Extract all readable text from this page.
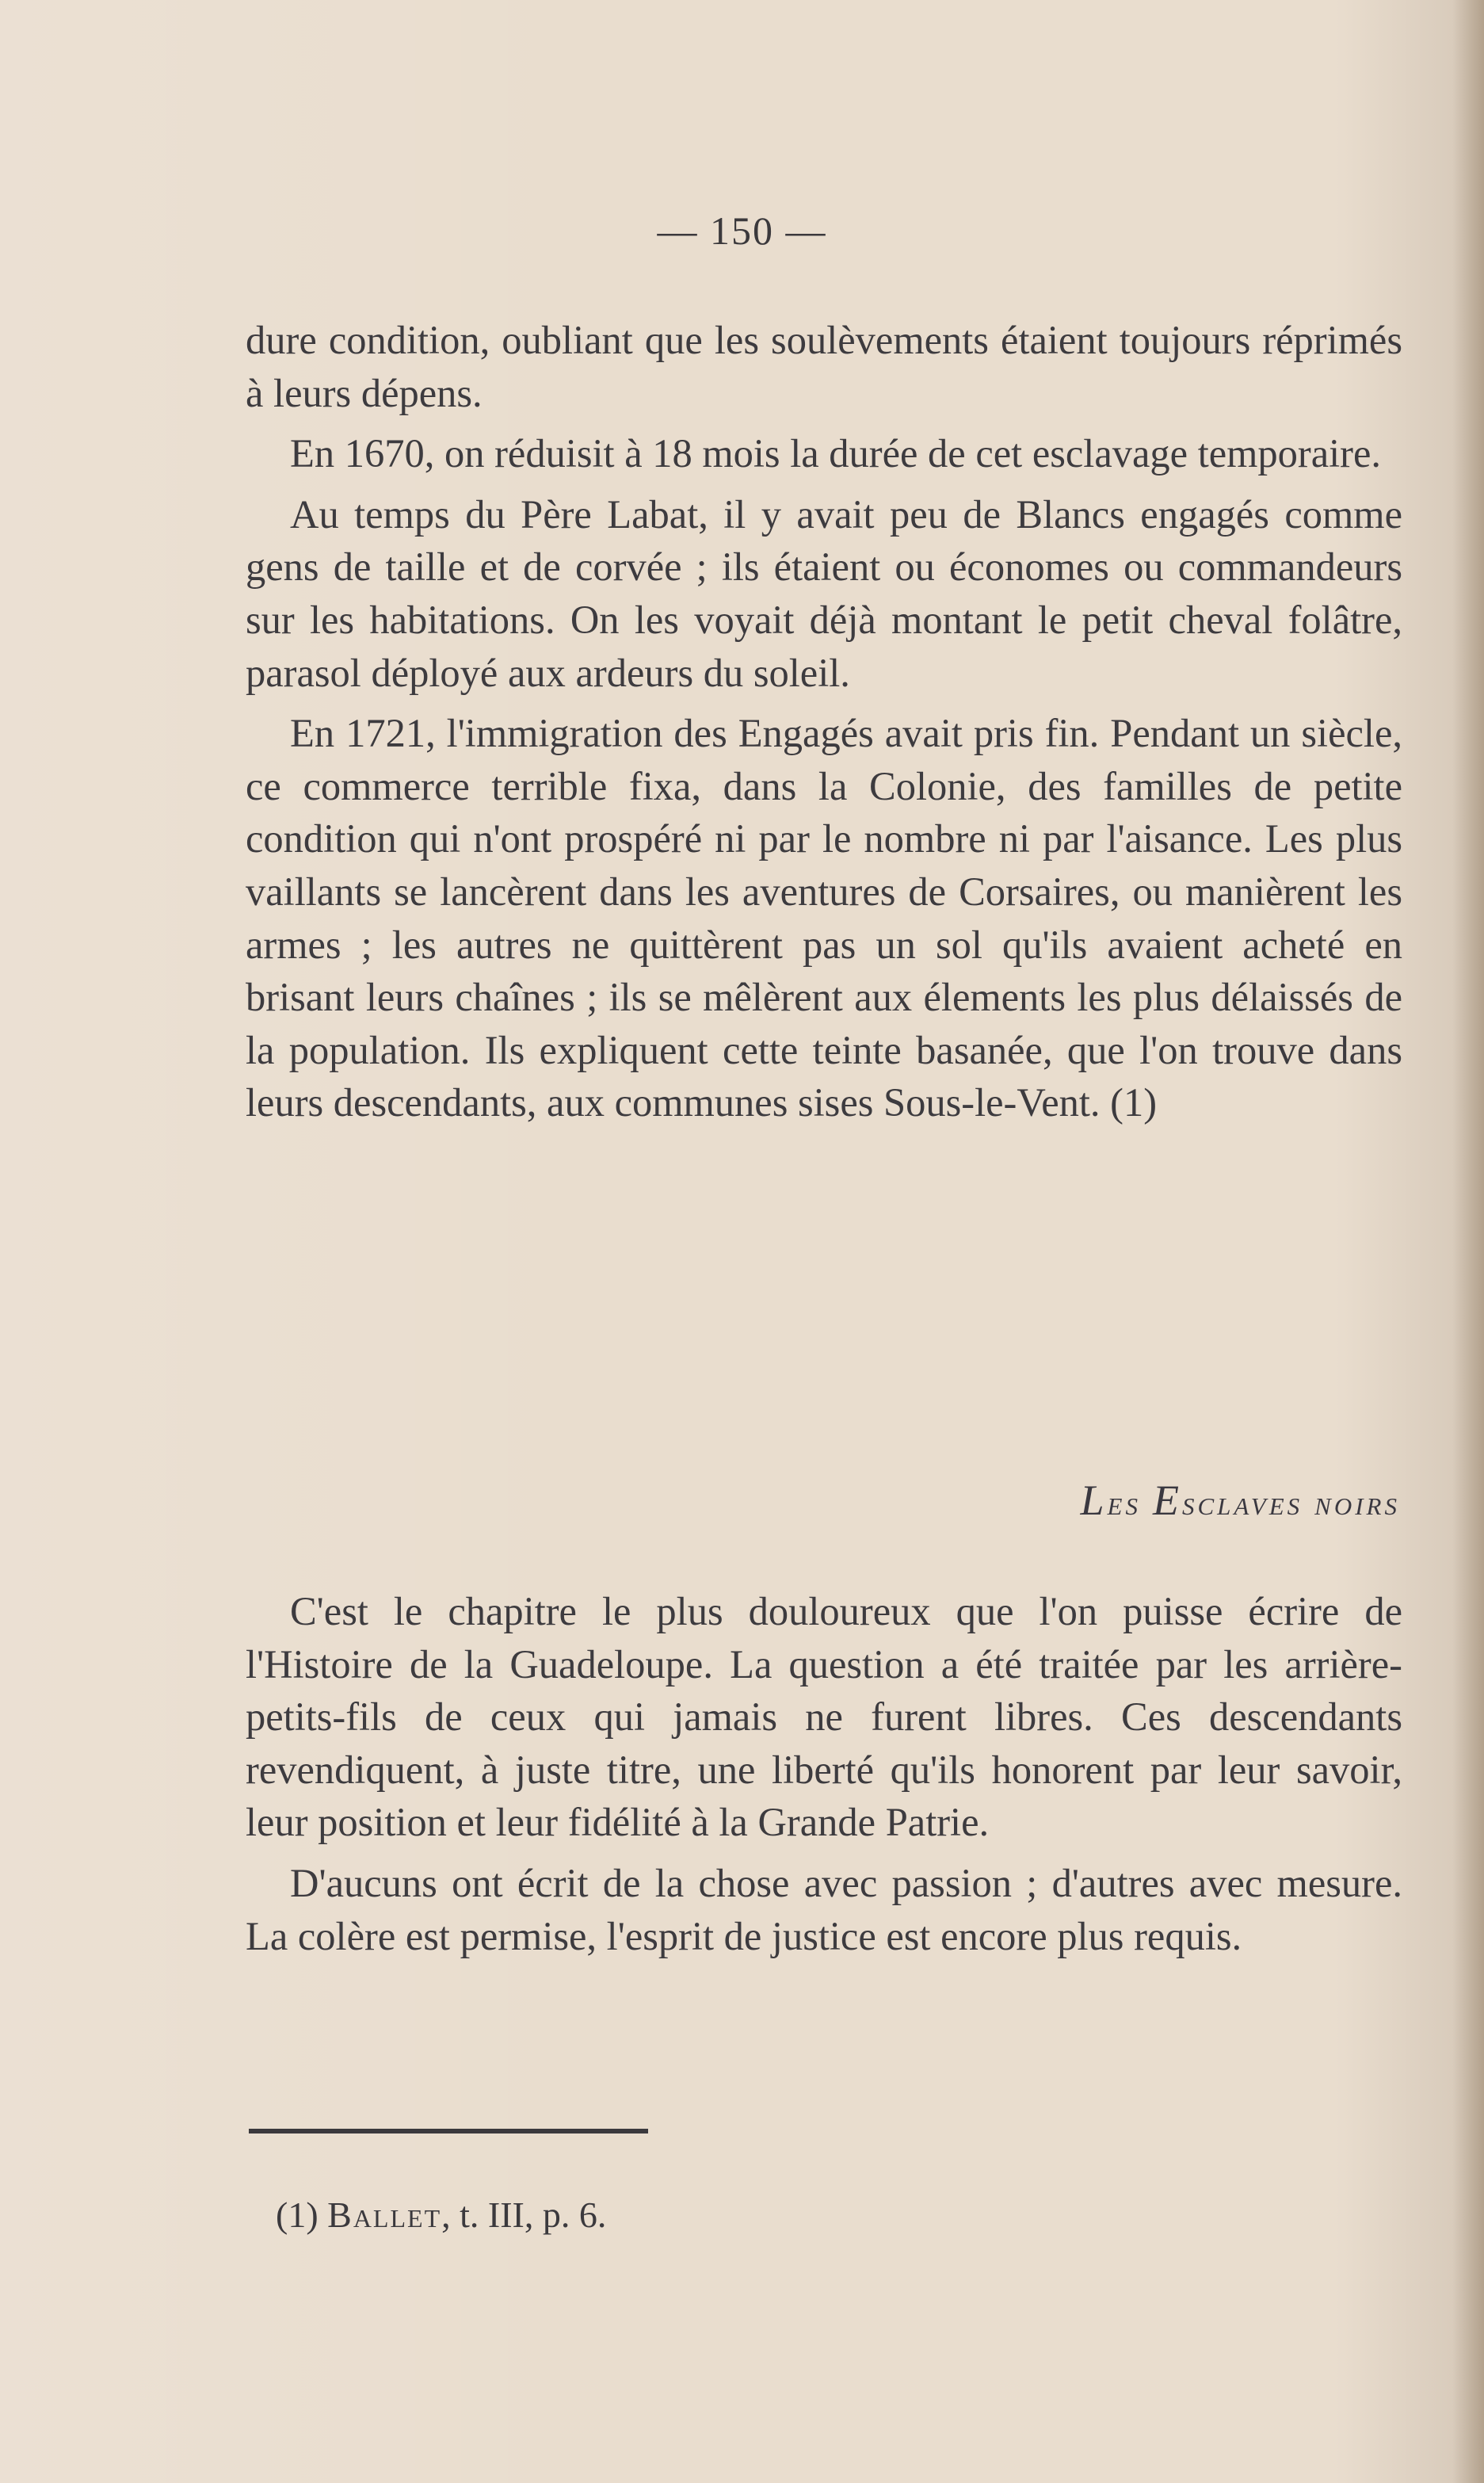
— 150 —

dure condition, oubliant que les soulèvements étaient toujours réprimés à leurs dépens.

En 1670, on réduisit à 18 mois la durée de cet esclavage temporaire.

Au temps du Père Labat, il y avait peu de Blancs engagés comme gens de taille et de corvée ; ils étaient ou économes ou commandeurs sur les habitations. On les voyait déjà montant le petit cheval folâtre, parasol déployé aux ardeurs du soleil.

En 1721, l'immigration des Engagés avait pris fin. Pendant un siècle, ce commerce terrible fixa, dans la Colonie, des familles de petite condition qui n'ont prospéré ni par le nombre ni par l'aisance. Les plus vaillants se lancèrent dans les aventures de Corsaires, ou manièrent les armes ; les autres ne quittèrent pas un sol qu'ils avaient acheté en brisant leurs chaînes ; ils se mêlèrent aux élements les plus délaissés de la population. Ils expliquent cette teinte basanée, que l'on trouve dans leurs descendants, aux communes sises Sous-le-Vent. (1)

Les Esclaves noirs

C'est le chapitre le plus douloureux que l'on puisse écrire de l'Histoire de la Guadeloupe. La question a été traitée par les arrière-petits-fils de ceux qui jamais ne furent libres. Ces descendants revendiquent, à juste titre, une liberté qu'ils honorent par leur savoir, leur position et leur fidélité à la Grande Patrie.

D'aucuns ont écrit de la chose avec passion ; d'autres avec mesure. La colère est permise, l'esprit de justice est encore plus requis.

(1) Ballet, t. III, p. 6.
